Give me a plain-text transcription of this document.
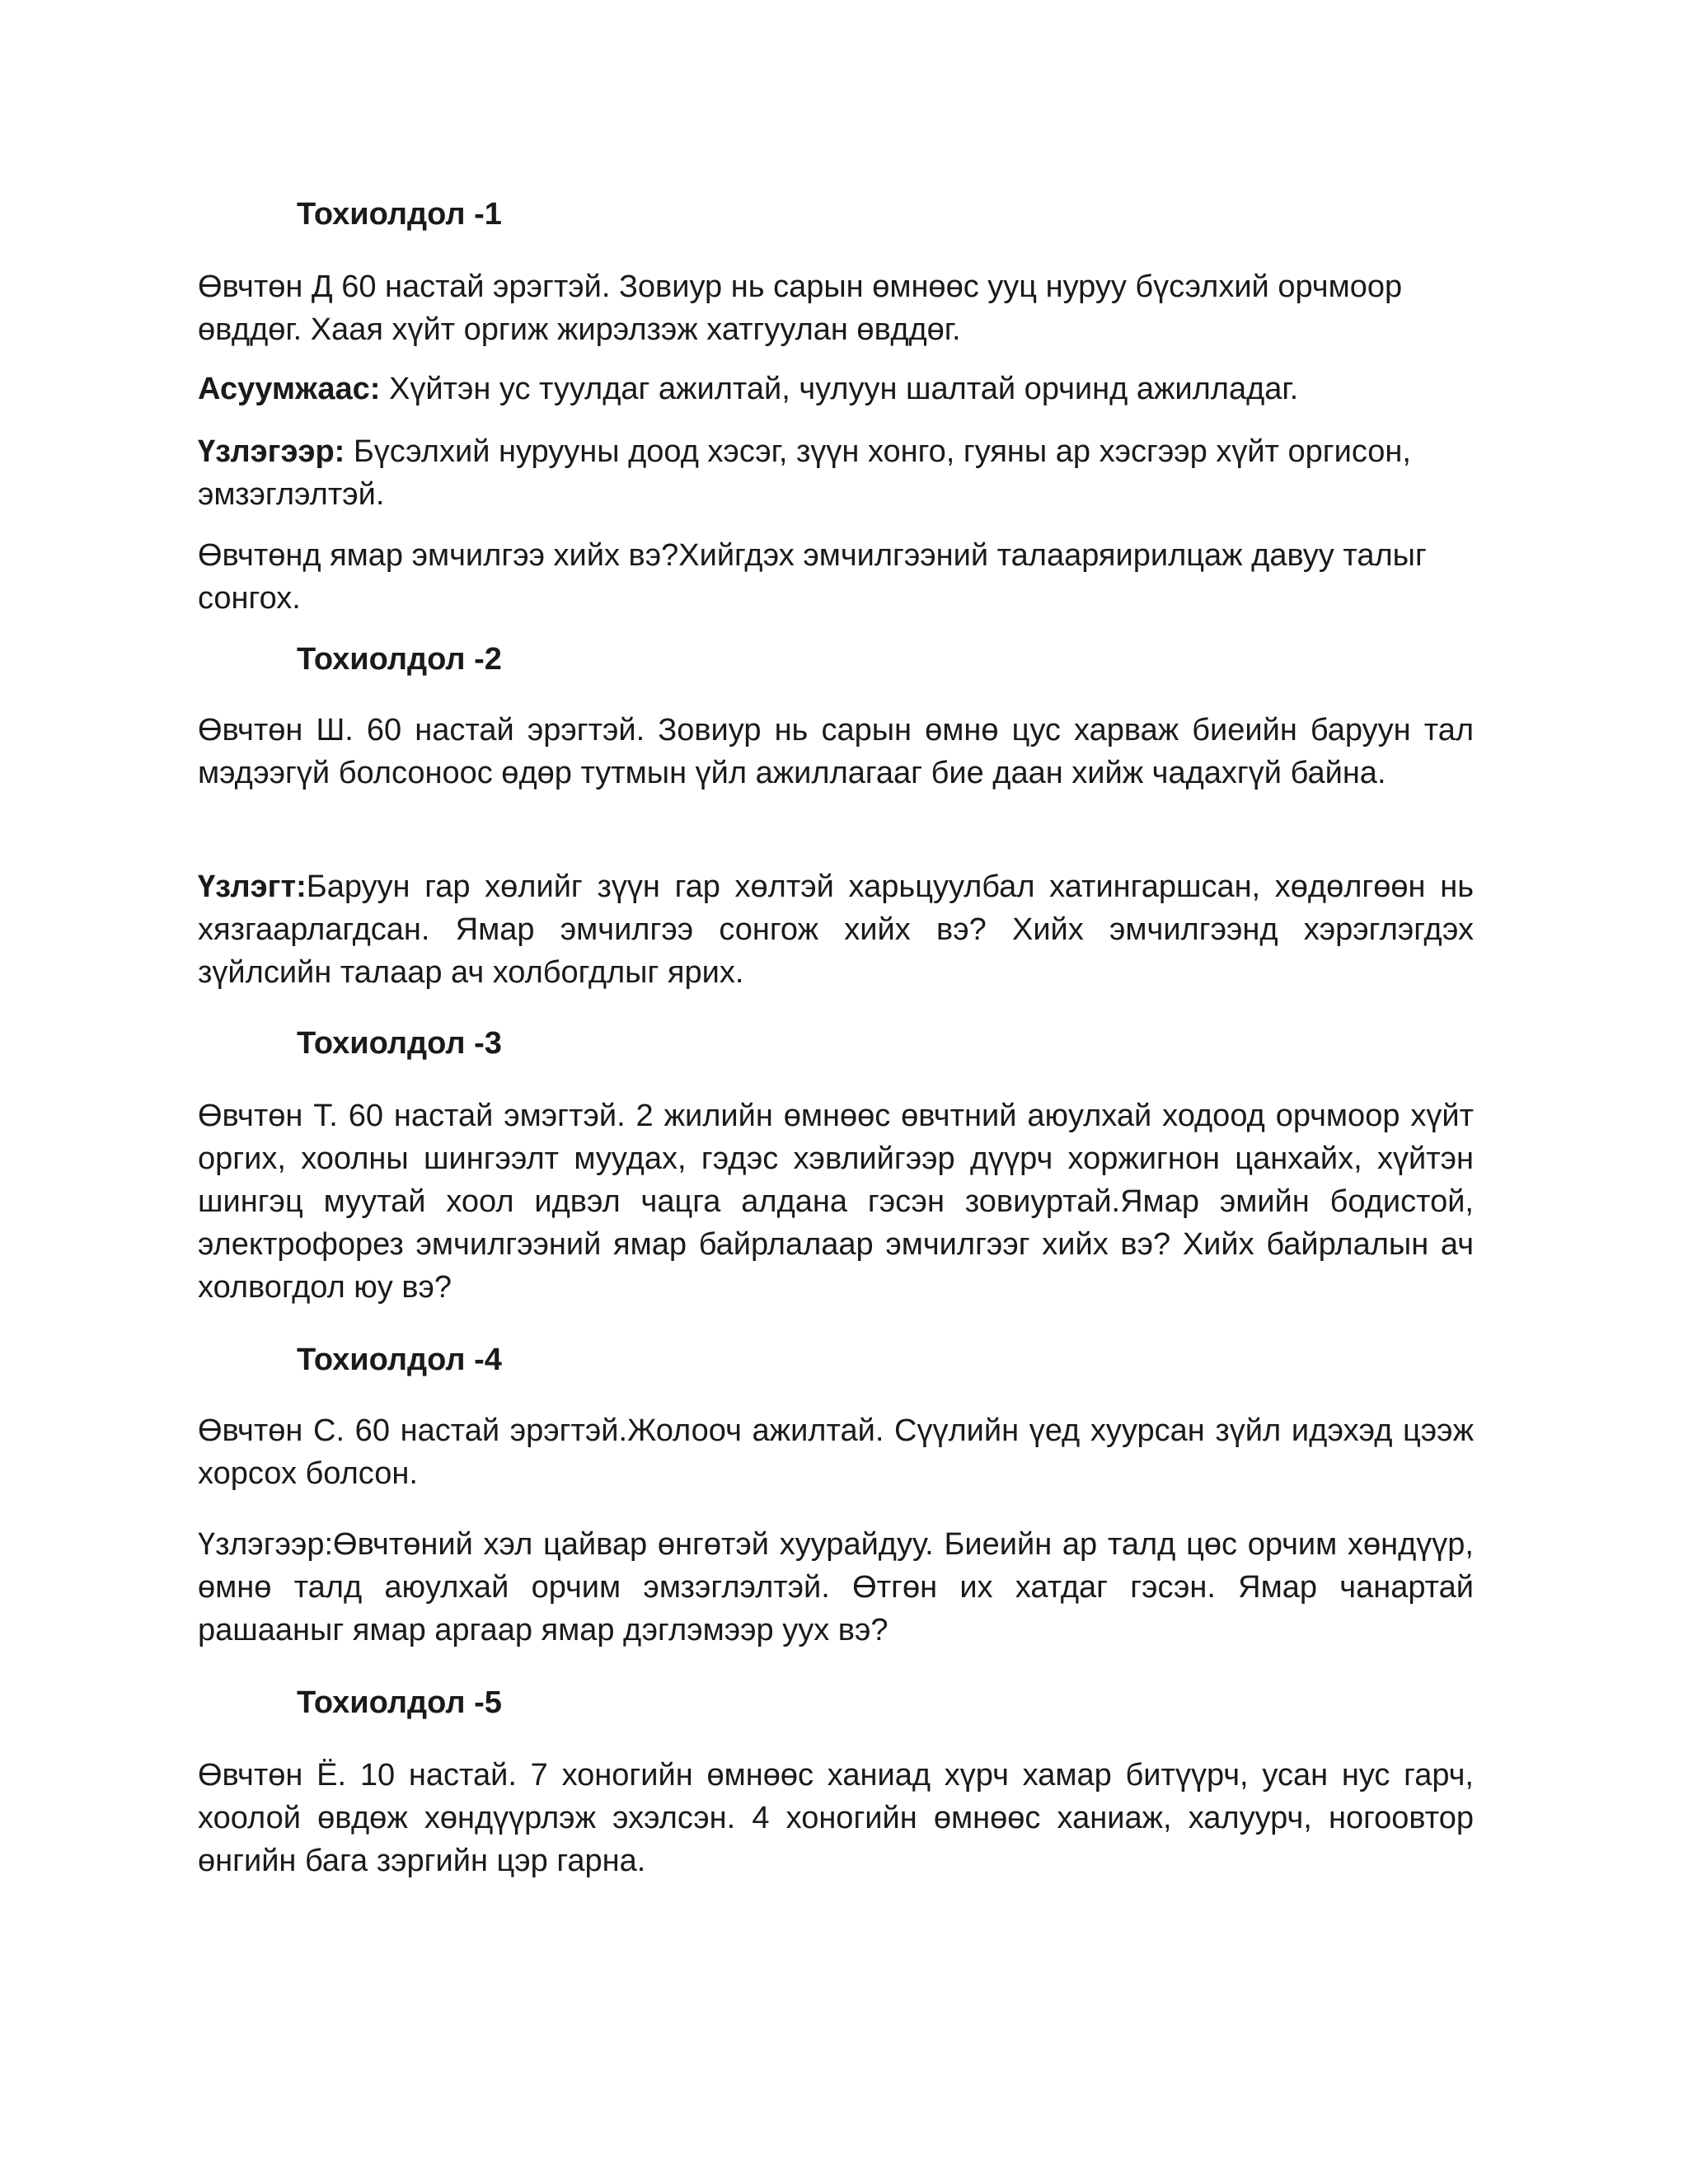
Тохиолдол -1

Өвчтөн Д 60 настай эрэгтэй. Зовиур нь сарын өмнөөс ууц нуруу бүсэлхий орчмоор өвддөг. Хаая хүйт оргиж жирэлзэж хатгуулан өвддөг.

Асуумжаас: Хүйтэн ус туулдаг ажилтай, чулуун шалтай орчинд ажилладаг.

Үзлэгээр: Бүсэлхий нурууны доод хэсэг, зүүн хонго, гуяны ар хэсгээр хүйт оргисон, эмзэглэлтэй.

Өвчтөнд ямар эмчилгээ хийх вэ?Хийгдэх эмчилгээний талааряирилцаж давуу талыг сонгох.

Тохиолдол -2

Өвчтөн Ш. 60 настай эрэгтэй. Зовиур нь сарын өмнө цус харваж биеийн баруун тал мэдээгүй болсоноос өдөр тутмын үйл ажиллагааг бие даан хийж чадахгүй байна.

Үзлэгт:Баруун гар хөлийг зүүн гар хөлтэй харьцуулбал хатингаршсан, хөдөлгөөн нь хязгаарлагдсан. Ямар эмчилгээ сонгож хийх вэ? Хийх эмчилгээнд хэрэглэгдэх зүйлсийн талаар ач холбогдлыг ярих.

Тохиолдол -3

Өвчтөн Т. 60 настай эмэгтэй. 2 жилийн өмнөөс өвчтний аюулхай ходоод орчмоор хүйт оргих, хоолны шингээлт муудах, гэдэс хэвлийгээр дүүрч хоржигнон цанхайх, хүйтэн шингэц муутай хоол идвэл чацга алдана гэсэн зовиуртай.Ямар эмийн бодистой, электрофорез эмчилгээний ямар байрлалаар эмчилгээг хийх вэ? Хийх байрлалын ач холвогдол юу вэ?

Тохиолдол -4

Өвчтөн С. 60 настай эрэгтэй.Жолооч ажилтай. Сүүлийн үед хуурсан зүйл идэхэд цээж хорсох болсон.

Үзлэгээр:Өвчтөний хэл цайвар өнгөтэй хуурайдуу. Биеийн ар талд цөс орчим хөндүүр, өмнө талд аюулхай орчим эмзэглэлтэй. Өтгөн их хатдаг гэсэн. Ямар чанартай рашааныг ямар аргаар ямар дэглэмээр уух вэ?

Тохиолдол -5

Өвчтөн Ё. 10 настай. 7 хоногийн өмнөөс ханиад хүрч хамар битүүрч, усан нус гарч, хоолой өвдөж хөндүүрлэж эхэлсэн. 4 хоногийн өмнөөс ханиаж, халуурч, ногоовтор өнгийн бага зэргийн цэр гарна.
